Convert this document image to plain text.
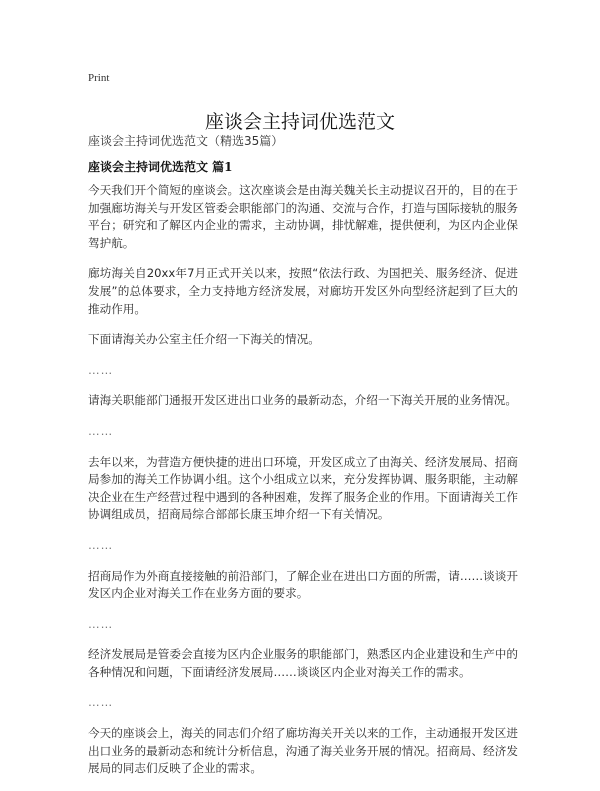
Print
座谈会主持词优选范文
座谈会主持词优选范文（精选35篇）
座谈会主持词优选范文 篇1

今天我们开个简短的座谈会。这次座谈会是由海关魏关长主动提议召开的，目的在于加强廊坊海关与开发区管委会职能部门的沟通、交流与合作，打造与国际接轨的服务平台；研究和了解区内企业的需求，主动协调，排忧解难，提供便利，为区内企业保驾护航。

廊坊海关自20xx年7月正式开关以来，按照“依法行政、为国把关、服务经济、促进发展”的总体要求，全力支持地方经济发展，对廊坊开发区外向型经济起到了巨大的推动作用。

下面请海关办公室主任介绍一下海关的情况。

……

请海关职能部门通报开发区进出口业务的最新动态，介绍一下海关开展的业务情况。

……

去年以来，为营造方便快捷的进出口环境，开发区成立了由海关、经济发展局、招商局参加的海关工作协调小组。这个小组成立以来，充分发挥协调、服务职能，主动解决企业在生产经营过程中遇到的各种困难，发挥了服务企业的作用。下面请海关工作协调组成员，招商局综合部部长康玉坤介绍一下有关情况。

……

招商局作为外商直接接触的前沿部门，了解企业在进出口方面的所需，请……谈谈开发区内企业对海关工作在业务方面的要求。

……

经济发展局是管委会直接为区内企业服务的职能部门，熟悉区内企业建设和生产中的各种情况和问题，下面请经济发展局……谈谈区内企业对海关工作的需求。

……

今天的座谈会上，海关的同志们介绍了廊坊海关开关以来的工作，主动通报开发区进出口业务的最新动态和统计分析信息，沟通了海关业务开展的情况。招商局、经济发展局的同志们反映了企业的需求。
